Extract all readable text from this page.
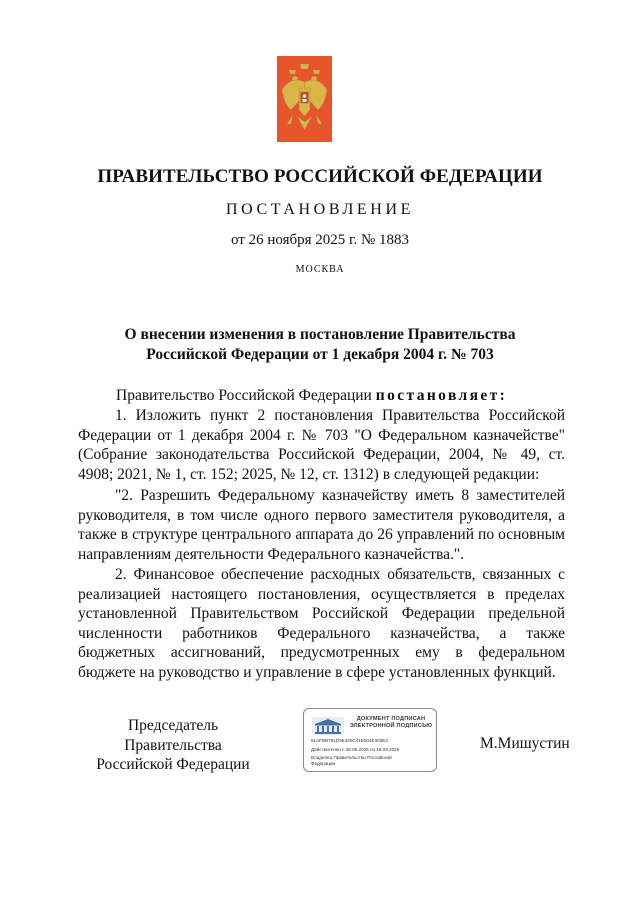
ПРАВИТЕЛЬСТВО РОССИЙСКОЙ ФЕДЕРАЦИИ
ПОСТАНОВЛЕНИЕ
от 26 ноября 2025 г. № 1883
МОСКВА
О внесении изменения в постановление Правительства
Российской Федерации от 1 декабря 2004 г. № 703
Правительство Российской Федерации постановляет:

1. Изложить пункт 2 постановления Правительства Российской Федерации от 1 декабря 2004 г. № 703 "О Федеральном казначействе" (Собрание законодательства Российской Федерации, 2004, № 49, ст. 4908; 2021, № 1, ст. 152; 2025, № 12, ст. 1312) в следующей редакции:

"2. Разрешить Федеральному казначейству иметь 8 заместителей руководителя, в том числе одного первого заместителя руководителя, а также в структуре центрального аппарата до 26 управлений по основным направлениям деятельности Федерального казначейства.".

2. Финансовое обеспечение расходных обязательств, связанных с реализацией настоящего постановления, осуществляется в пределах установленной Правительством Российской Федерации предельной численности работников Федерального казначейства, а также бюджетных ассигнований, предусмотренных ему в федеральном бюджете на руководство и управление в сфере установленных функций.

Председатель Правительства
Российской Федерации
ДОКУМЕНТ ПОДПИСАН ЭЛЕКТРОННОЙ ПОДПИСЬЮ
51AFBB781D9E420C41E504E303E3
Действителен с 26.06.2025 по 19.09.2026
Владелец Правительство Российской
Федерации
М.Мишустин
